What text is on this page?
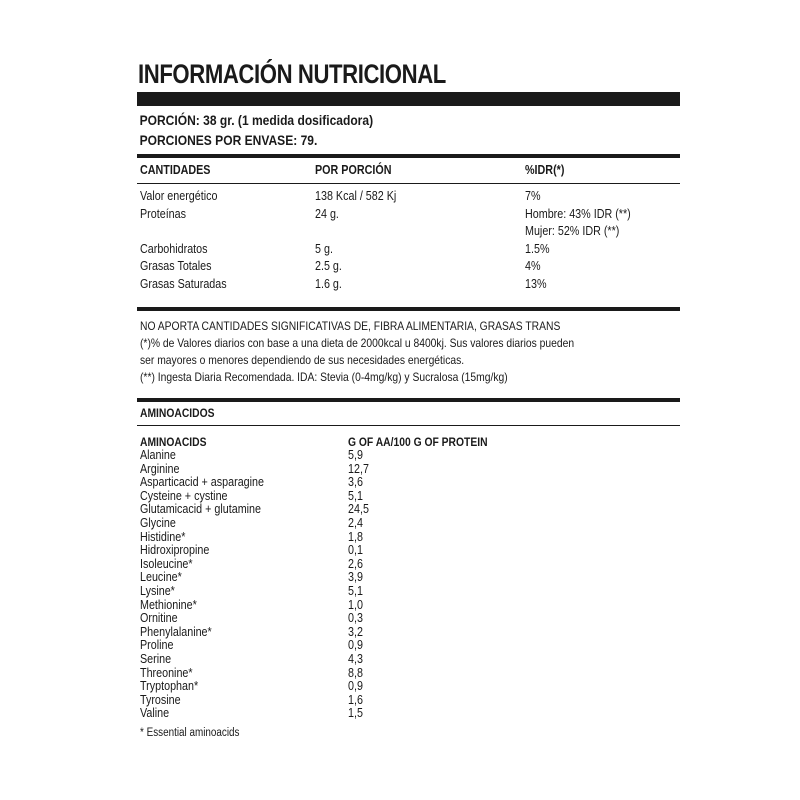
INFORMACIÓN NUTRICIONAL
PORCIÓN: 38 gr. (1 medida dosificadora)
PORCIONES POR ENVASE: 79.
CANTIDADES	POR PORCIÓN	%IDR(*)
Valor energético	138 Kcal / 582 Kj	7%
Proteínas	24 g.	Hombre: 43% IDR (**)

Mujer: 52% IDR (**)
Carbohidratos	5 g.	1.5%
Grasas Totales	2.5 g.	4%
Grasas Saturadas	1.6 g.	13%
NO APORTA CANTIDADES SIGNIFICATIVAS DE, FIBRA ALIMENTARIA, GRASAS TRANS
(*)% de Valores diarios con base a una dieta de 2000kcal u 8400kj. Sus valores diarios pueden
ser mayores o menores dependiendo de sus necesidades energéticas.
(**) Ingesta Diaria Recomendada. IDA: Stevia (0-4mg/kg) y Sucralosa (15mg/kg)
AMINOACIDOS
AMINOACIDS	G OF AA/100 G OF PROTEIN
Alanine	5,9
Arginine	12,7
Asparticacid + asparagine	3,6
Cysteine + cystine	5,1
Glutamicacid + glutamine	24,5
Glycine	2,4
Histidine*	1,8
Hidroxipropine	0,1
Isoleucine*	2,6
Leucine*	3,9
Lysine*	5,1
Methionine*	1,0
Ornitine	0,3
Phenylalanine*	3,2
Proline	0,9
Serine	4,3
Threonine*	8,8
Tryptophan*	0,9
Tyrosine	1,6
Valine	1,5
* Essential aminoacids
